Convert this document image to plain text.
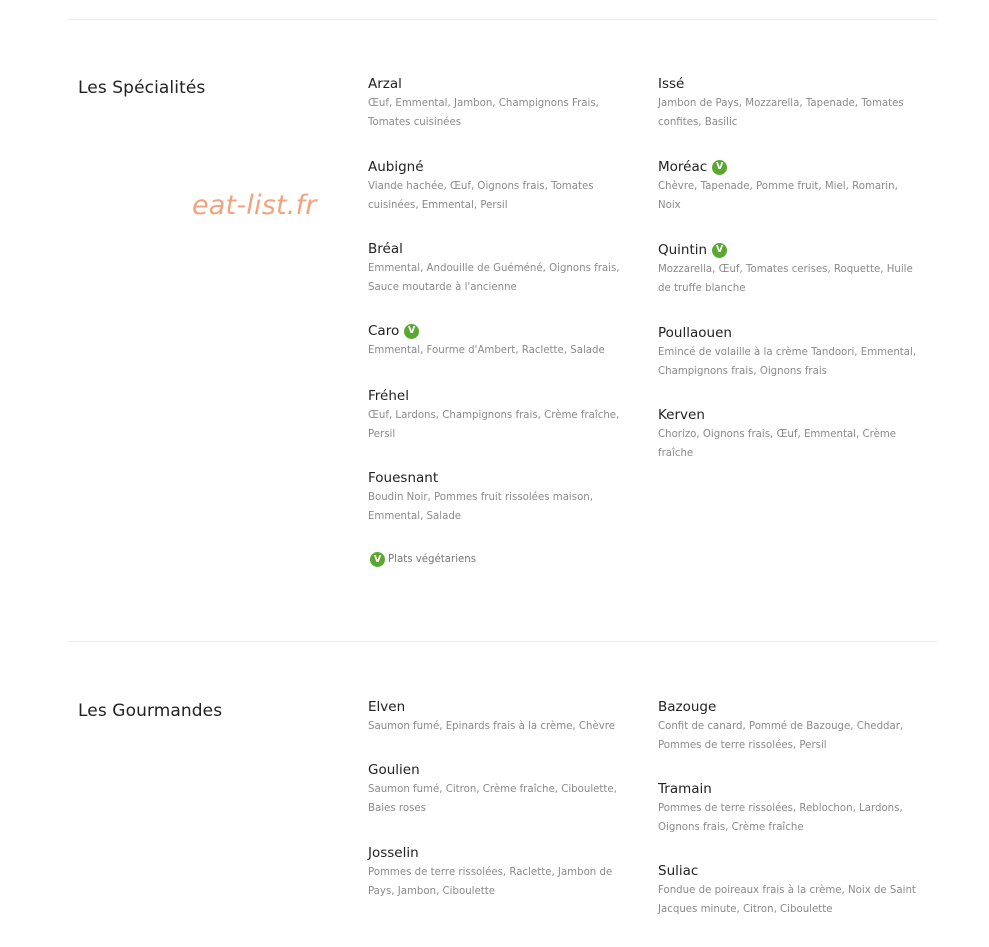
Les Spécialités
eat-list.fr
Arzal
Œuf, Emmental, Jambon, Champignons Frais, Tomates cuisinées
Aubigné
Viande hachée, Œuf, Oignons frais, Tomates cuisinées, Emmental, Persil
Bréal
Emmental, Andouille de Guéméné, Oignons frais, Sauce moutarde à l'ancienne
Caro V
Emmental, Fourme d'Ambert, Raclette, Salade
Fréhel
Œuf, Lardons, Champignons frais, Crème fraîche, Persil
Fouesnant
Boudin Noir, Pommes fruit rissolées maison, Emmental, Salade
V Plats végétariens
Issé
Jambon de Pays, Mozzarella, Tapenade, Tomates confites, Basilic
Moréac V
Chèvre, Tapenade, Pomme fruit, Miel, Romarin, Noix
Quintin V
Mozzarella, Œuf, Tomates cerises, Roquette, Huile de truffe blanche
Poullaouen
Emincé de volaille à la crème Tandoori, Emmental, Champignons frais, Oignons frais
Kerven
Chorizo, Oignons frais, Œuf, Emmental, Crème fraîche
Les Gourmandes	Elven
Saumon fumé, Epinards frais à la crème, Chèvre
Goulien
Saumon fumé, Citron, Crème fraîche, Ciboulette, Baies roses
Josselin
Pommes de terre rissolées, Raclette, Jambon de Pays, Jambon, Ciboulette
Bazouge
Confit de canard, Pommé de Bazouge, Cheddar, Pommes de terre rissolées, Persil
Tramain
Pommes de terre rissolées, Reblochon, Lardons, Oignons frais, Crème fraîche
Suliac
Fondue de poireaux frais à la crème, Noix de Saint Jacques minute, Citron, Ciboulette
